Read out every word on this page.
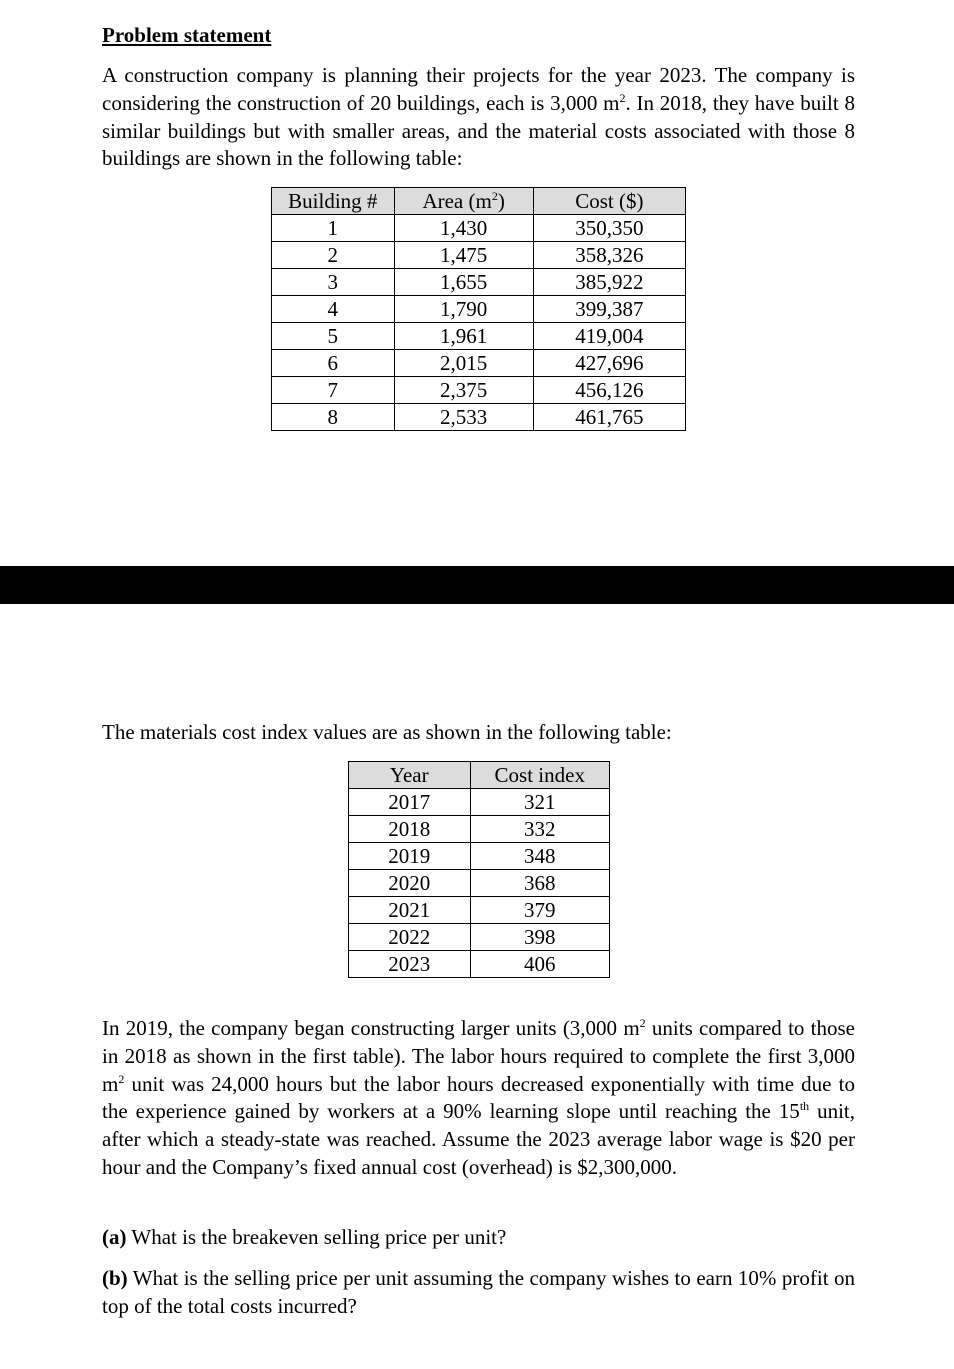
Problem statement

A construction company is planning their projects for the year 2023. The company is considering the construction of 20 buildings, each is 3,000 $m^2$. In 2018, they have built 8 similar buildings but with smaller areas, and the material costs associated with those 8 buildings are shown in the following table:

Building #	Area $(m^2)$	Cost ($)
1	1,430	350,350
2	1,475	358,326
3	1,655	385,922
4	1,790	399,387
5	1,961	419,004
6	2,015	427,696
7	2,375	456,126
8	2,533	461,765

The materials cost index values are as shown in the following table:

Year	Cost index
2017	321
2018	332
2019	348
2020	368
2021	379
2022	398
2023	406

In 2019, the company began constructing larger units (3,000 $m^2$ units compared to those in 2018 as shown in the first table). The labor hours required to complete the first 3,000 $m^2$ unit was 24,000 hours but the labor hours decreased exponentially with time due to the experience gained by workers at a 90% learning slope until reaching the 15th unit, after which a steady-state was reached. Assume the 2023 average labor wage is $20 per hour and the Company’s fixed annual cost (overhead) is $2,300,000.

(a) What is the breakeven selling price per unit?

(b) What is the selling price per unit assuming the company wishes to earn 10% profit on top of the total costs incurred?
